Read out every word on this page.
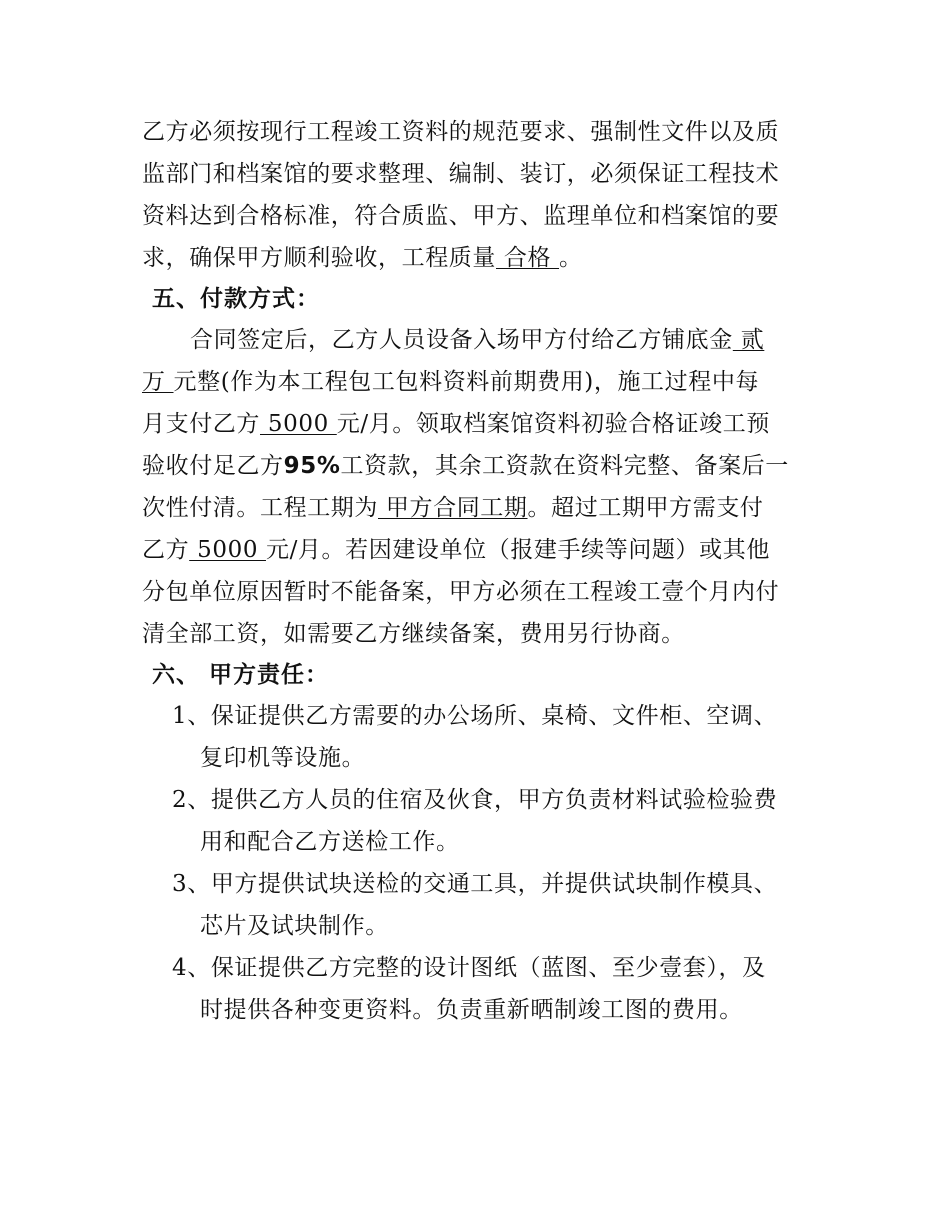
乙方必须按现行工程竣工资料的规范要求、强制性文件以及质
监部门和档案馆的要求整理、编制、装订，必须保证工程技术
资料达到合格标准，符合质监、甲方、监理单位和档案馆的要
求，确保甲方顺利验收，工程质量 合格 。
五、付款方式：
合同签定后，乙方人员设备入场甲方付给乙方铺底金 贰
万 元整(作为本工程包工包料资料前期费用)，施工过程中每
月支付乙方 5000 元/月。领取档案馆资料初验合格证竣工预
验收付足乙方95%工资款，其余工资款在资料完整、备案后一
次性付清。工程工期为 甲方合同工期。超过工期甲方需支付
乙方 5000 元/月。若因建设单位（报建手续等问题）或其他
分包单位原因暂时不能备案，甲方必须在工程竣工壹个月内付
清全部工资，如需要乙方继续备案，费用另行协商。
六、 甲方责任：
1、保证提供乙方需要的办公场所、桌椅、文件柜、空调、
复印机等设施。
2、提供乙方人员的住宿及伙食，甲方负责材料试验检验费
用和配合乙方送检工作。
3、甲方提供试块送检的交通工具，并提供试块制作模具、
芯片及试块制作。
4、保证提供乙方完整的设计图纸（蓝图、至少壹套），及
时提供各种变更资料。负责重新晒制竣工图的费用。
